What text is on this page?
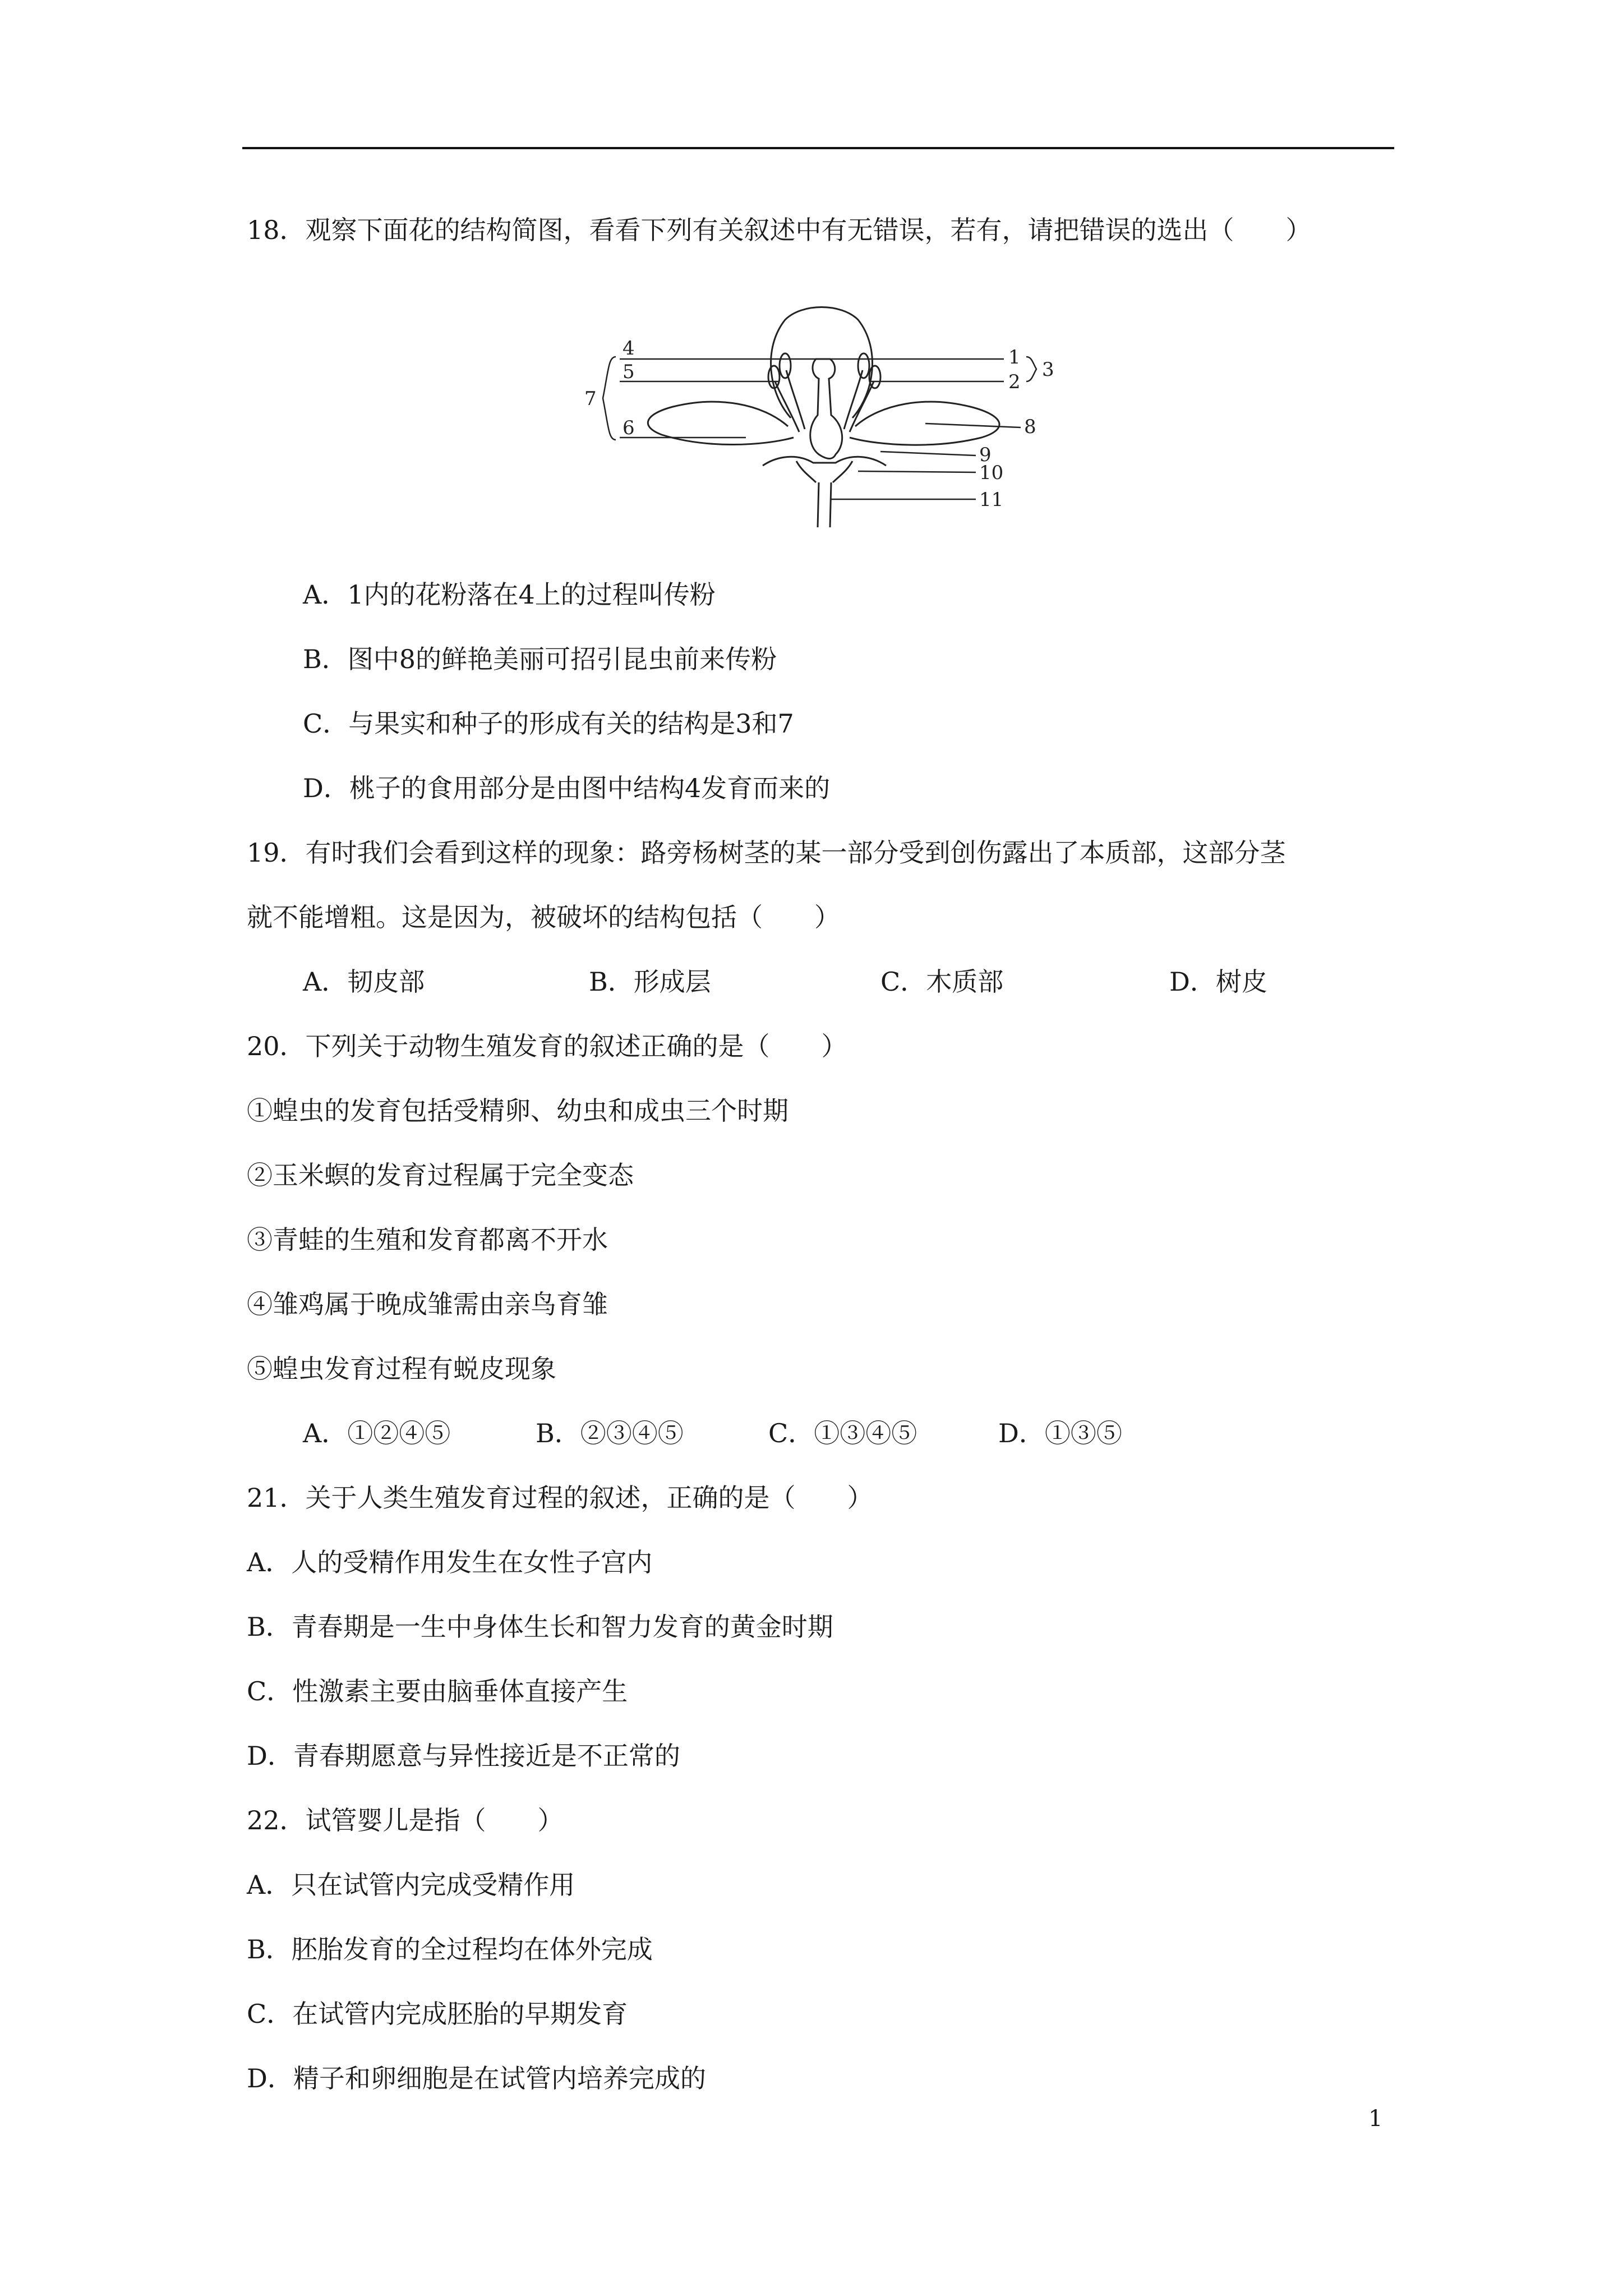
18．观察下面花的结构简图，看看下列有关叙述中有无错误，若有，请把错误的选出（　　）
4
5
6
7
1
2
3
8
9
10
11
A．1内的花粉落在4上的过程叫传粉
B．图中8的鲜艳美丽可招引昆虫前来传粉
C．与果实和种子的形成有关的结构是3和7
D．桃子的食用部分是由图中结构4发育而来的
19．有时我们会看到这样的现象：路旁杨树茎的某一部分受到创伤露出了本质部，这部分茎
就不能增粗。这是因为，被破坏的结构包括（　　）
A．韧皮部	B．形成层	C．木质部	D．树皮
20．下列关于动物生殖发育的叙述正确的是（　　）
①蝗虫的发育包括受精卵、幼虫和成虫三个时期
②玉米螟的发育过程属于完全变态
③青蛙的生殖和发育都离不开水
④雏鸡属于晚成雏需由亲鸟育雏
⑤蝗虫发育过程有蜕皮现象
A．①②④⑤	B．②③④⑤	C．①③④⑤	D．①③⑤
21．关于人类生殖发育过程的叙述，正确的是（　　）
A．人的受精作用发生在女性子宫内
B．青春期是一生中身体生长和智力发育的黄金时期
C．性激素主要由脑垂体直接产生
D．青春期愿意与异性接近是不正常的
22．试管婴儿是指（　　）
A．只在试管内完成受精作用
B．胚胎发育的全过程均在体外完成
C．在试管内完成胚胎的早期发育
D．精子和卵细胞是在试管内培养完成的
1
